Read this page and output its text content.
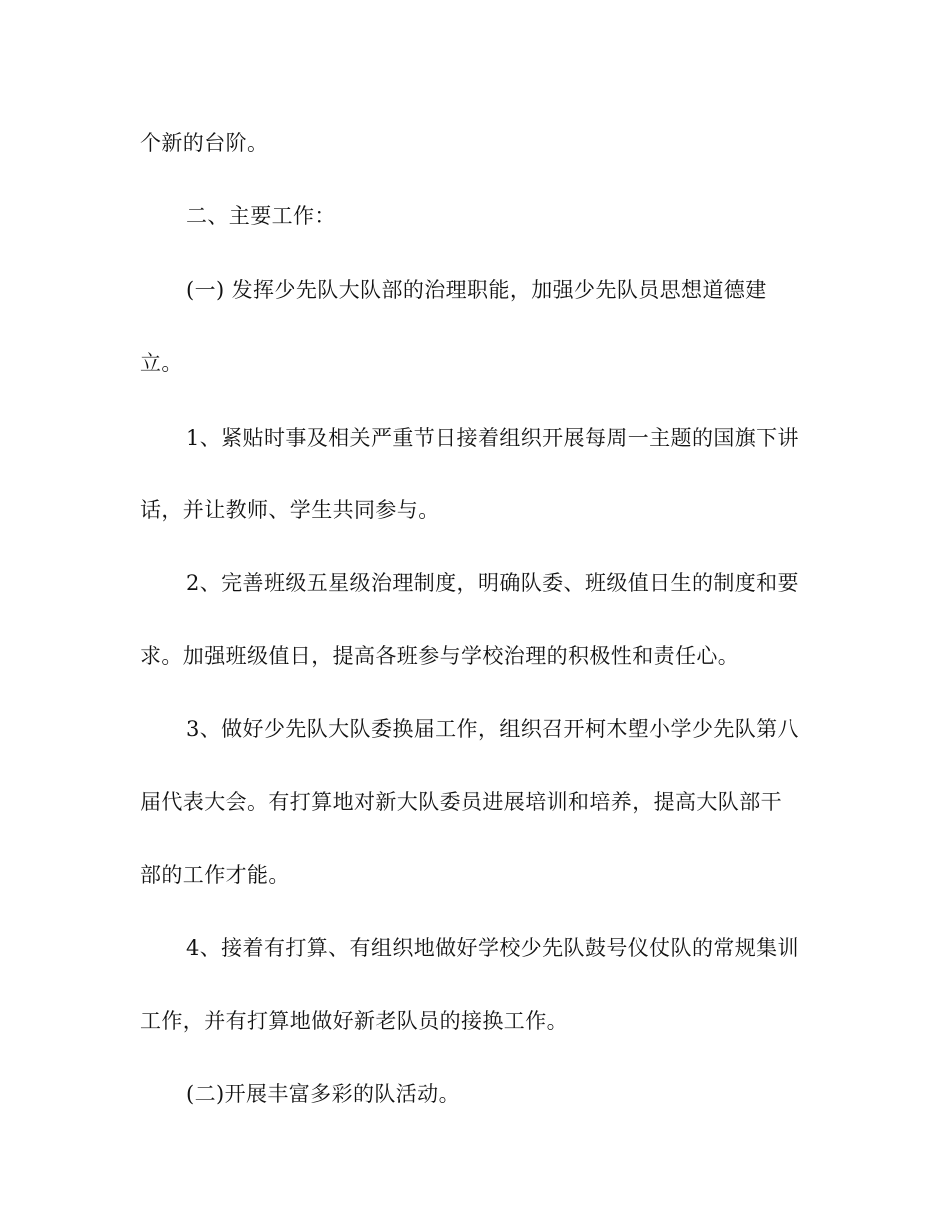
个新的台阶。
二、主要工作：
(一) 发挥少先队大队部的治理职能，加强少先队员思想道德建
立。
1、紧贴时事及相关严重节日接着组织开展每周一主题的国旗下讲
话，并让教师、学生共同参与。
2、完善班级五星级治理制度，明确队委、班级值日生的制度和要
求。加强班级值日，提高各班参与学校治理的积极性和责任心。
3、做好少先队大队委换届工作，组织召开柯木塱小学少先队第八
届代表大会。有打算地对新大队委员进展培训和培养，提高大队部干
部的工作才能。
4、接着有打算、有组织地做好学校少先队鼓号仪仗队的常规集训
工作，并有打算地做好新老队员的接换工作。
(二)开展丰富多彩的队活动。
